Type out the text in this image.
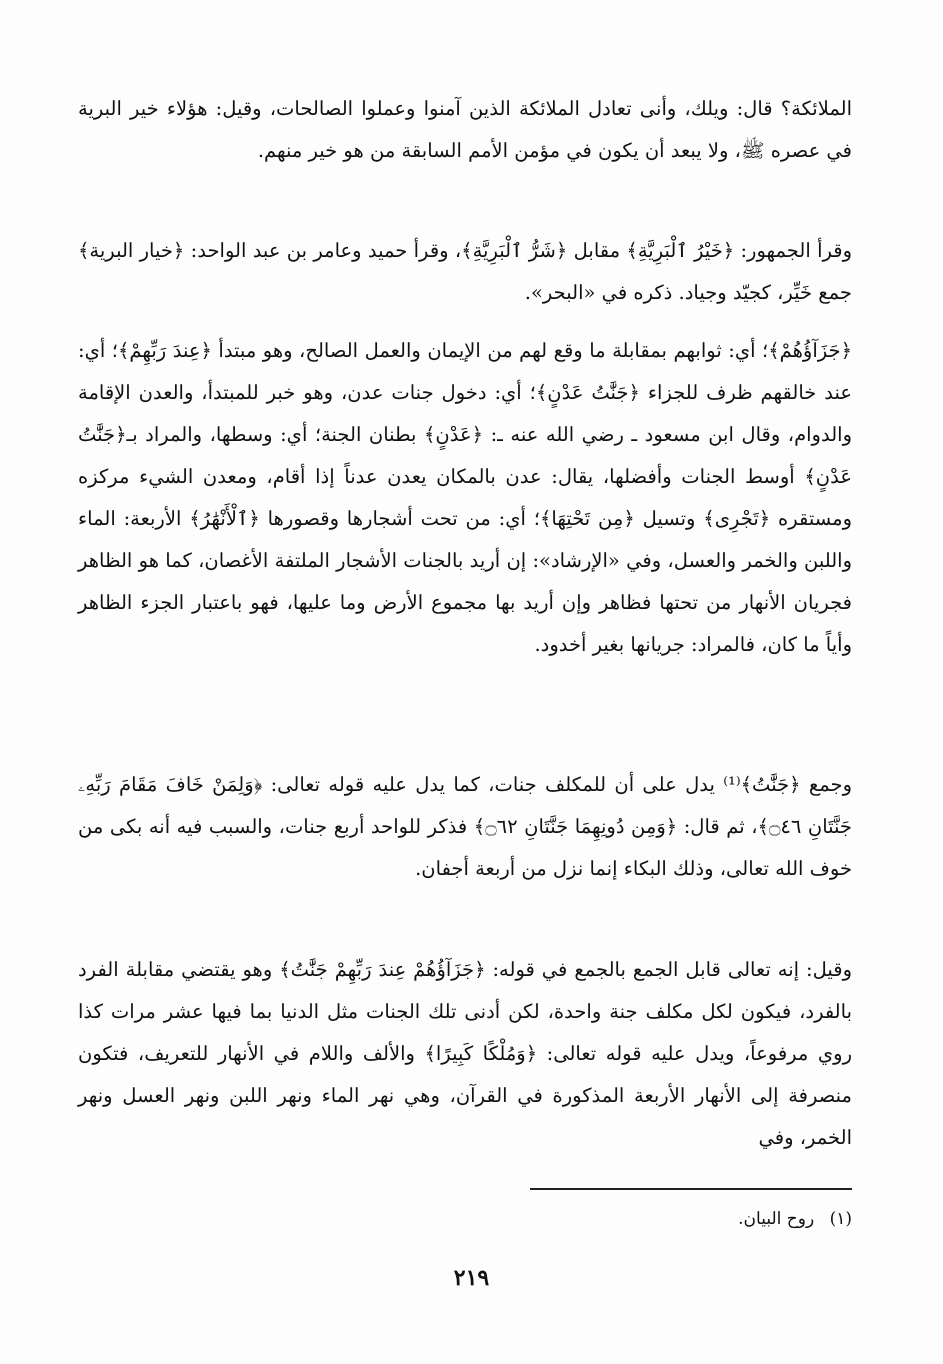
الملائكة؟ قال: ويلك، وأنى تعادل الملائكة الذين آمنوا وعملوا الصالحات، وقيل: هؤلاء خير البرية في عصره ﷺ، ولا يبعد أن يكون في مؤمن الأمم السابقة من هو خير منهم.

وقرأ الجمهور: ﴿خَيْرُ ٱلْبَرِيَّةِ﴾ مقابل ﴿شَرُّ ٱلْبَرِيَّةِ﴾، وقرأ حميد وعامر بن عبد الواحد: ﴿خيار البرية﴾ جمع خَيِّر، كجيّد وجياد. ذكره في «البحر».

﴿جَزَآؤُهُمْ﴾؛ أي: ثوابهم بمقابلة ما وقع لهم من الإيمان والعمل الصالح، وهو مبتدأ ﴿عِندَ رَبِّهِمْ﴾؛ أي: عند خالقهم ظرف للجزاء ﴿جَنَّٰتُ عَدْنٍ﴾؛ أي: دخول جنات عدن، وهو خبر للمبتدأ، والعدن الإقامة والدوام، وقال ابن مسعود ـ رضي الله عنه ـ: ﴿عَدْنٍ﴾ بطنان الجنة؛ أي: وسطها، والمراد بـ﴿جَنَّٰتُ عَدْنٍ﴾ أوسط الجنات وأفضلها، يقال: عدن بالمكان يعدن عدناً إذا أقام، ومعدن الشيء مركزه ومستقره ﴿تَجْرِى﴾ وتسيل ﴿مِن تَحْتِهَا﴾؛ أي: من تحت أشجارها وقصورها ﴿ٱلْأَنْهَٰرُ﴾ الأربعة: الماء واللبن والخمر والعسل، وفي «الإرشاد»: إن أريد بالجنات الأشجار الملتفة الأغصان، كما هو الظاهر فجريان الأنهار من تحتها فظاهر وإن أريد بها مجموع الأرض وما عليها، فهو باعتبار الجزء الظاهر وأياً ما كان، فالمراد: جريانها بغير أخدود.

وجمع ﴿جَنَّٰتُ﴾⁽¹⁾ يدل على أن للمكلف جنات، كما يدل عليه قوله تعالى: ﴿وَلِمَنْ خَافَ مَقَامَ رَبِّهِۦ جَنَّتَانِ ۝٤٦﴾، ثم قال: ﴿وَمِن دُونِهِمَا جَنَّتَانِ ۝٦٢﴾ فذكر للواحد أربع جنات، والسبب فيه أنه بكى من خوف الله تعالى، وذلك البكاء إنما نزل من أربعة أجفان.

وقيل: إنه تعالى قابل الجمع بالجمع في قوله: ﴿جَزَآؤُهُمْ عِندَ رَبِّهِمْ جَنَّٰتُ﴾ وهو يقتضي مقابلة الفرد بالفرد، فيكون لكل مكلف جنة واحدة، لكن أدنى تلك الجنات مثل الدنيا بما فيها عشر مرات كذا روي مرفوعاً، ويدل عليه قوله تعالى: ﴿وَمُلْكًا كَبِيرًا﴾ والألف واللام في الأنهار للتعريف، فتكون منصرفة إلى الأنهار الأربعة المذكورة في القرآن، وهي نهر الماء ونهر اللبن ونهر العسل ونهر الخمر، وفي

(١) روح البيان.
٢١٩
